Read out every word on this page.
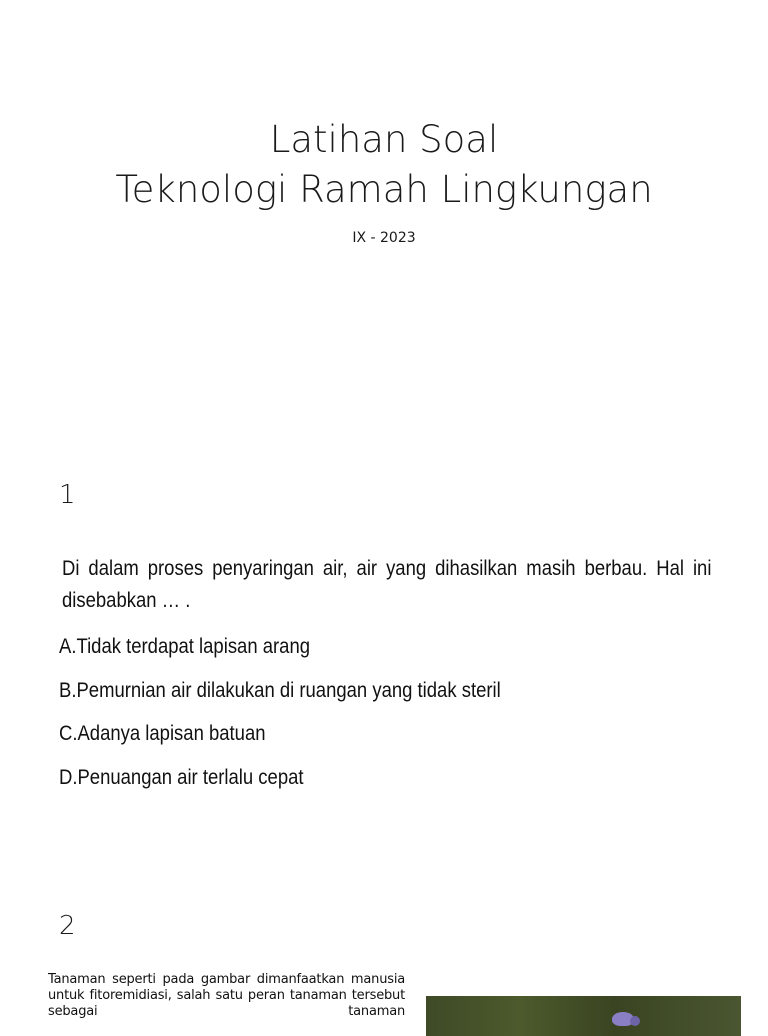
Latihan Soal
Teknologi Ramah Lingkungan
IX - 2023
1
Di dalam proses penyaringan air, air yang dihasilkan masih berbau. Hal ini disebabkan … .
A.Tidak terdapat lapisan arang
B.Pemurnian air dilakukan di ruangan yang tidak steril
C.Adanya lapisan batuan
D.Penuangan air terlalu cepat
2
Tanaman seperti pada gambar dimanfaatkan manusia untuk fitoremidiasi, salah satu peran tanaman tersebut sebagai tanaman
